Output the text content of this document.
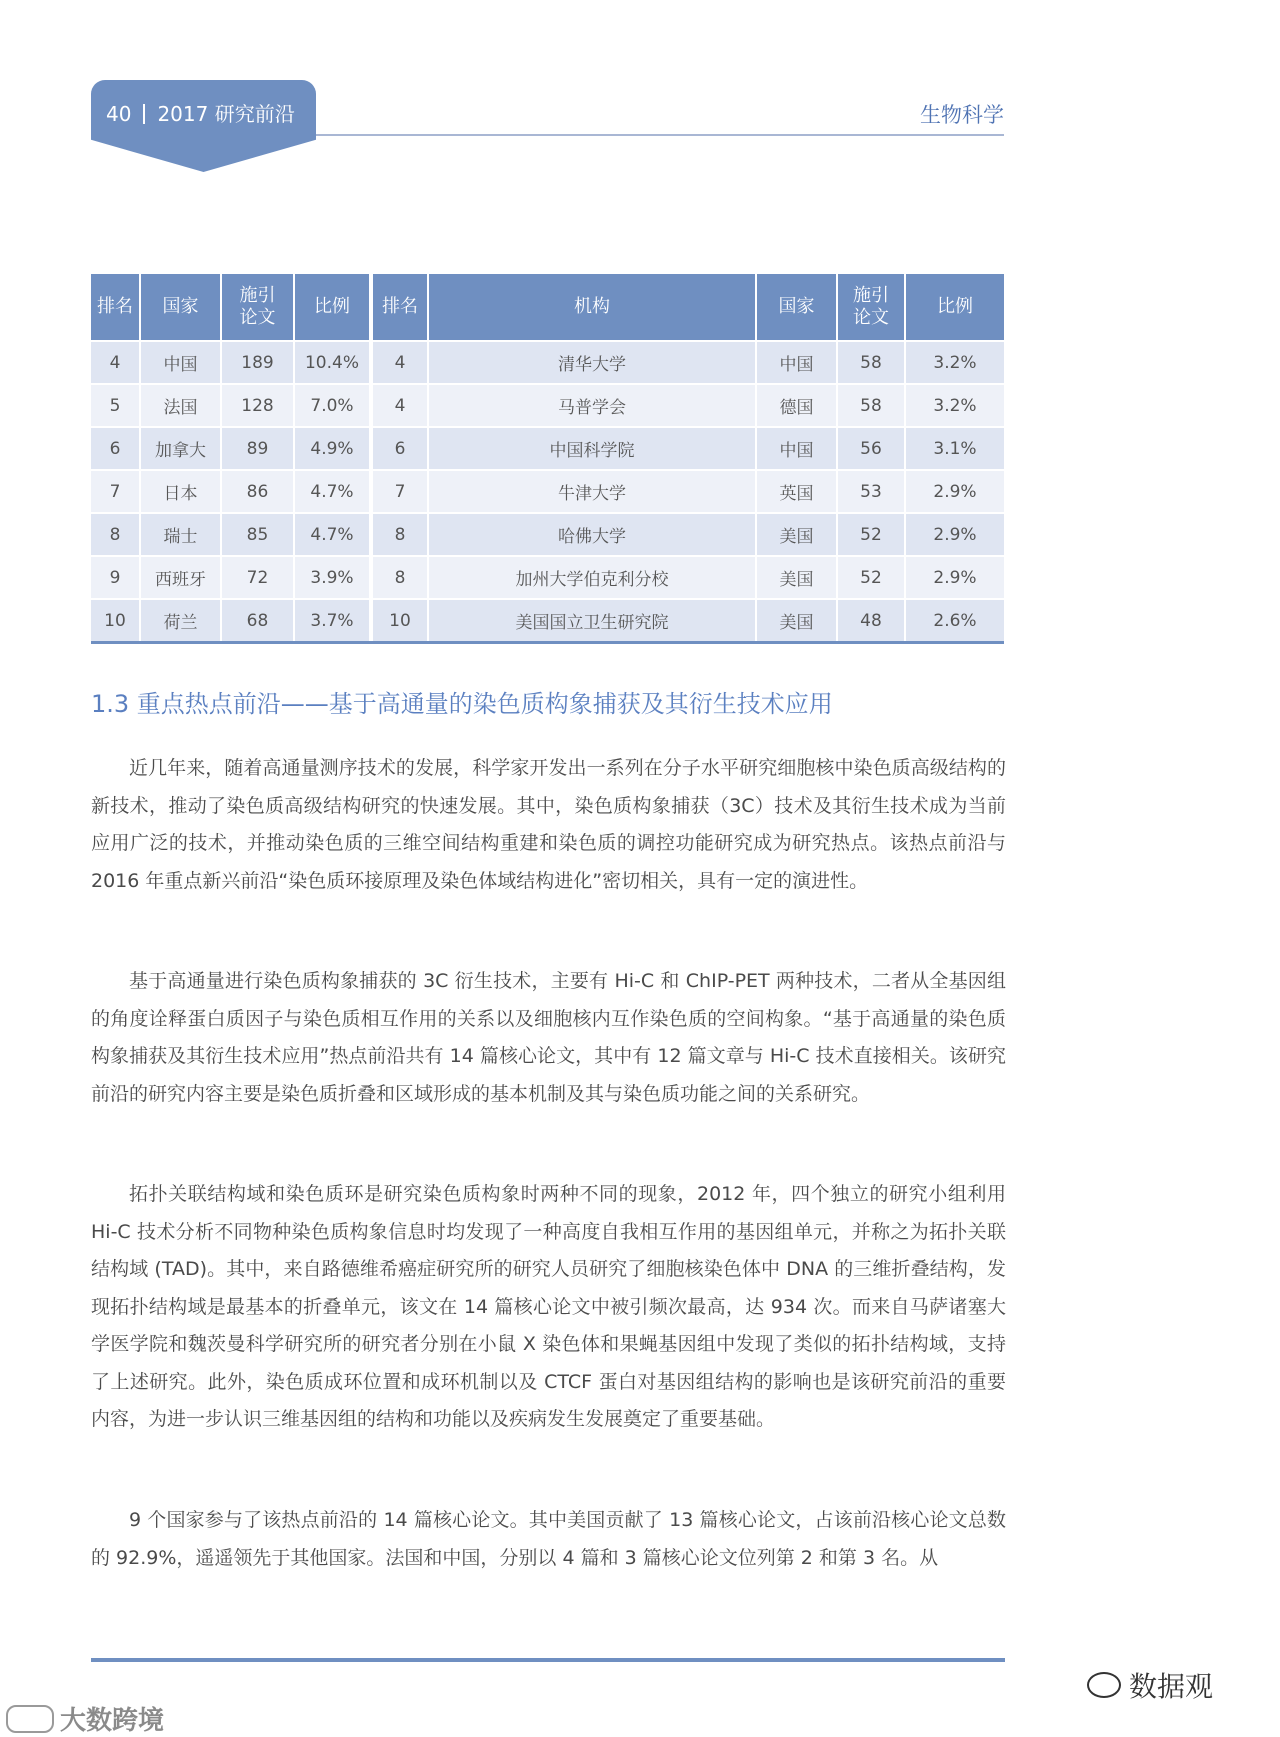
40 2017 研究前沿	生物科学
排名	国家	施引论文	比例	排名	机构	国家	施引论文	比例
4	中国	189	10.4%	4	清华大学	中国	58	3.2%
5	法国	128	7.0%	4	马普学会	德国	58	3.2%
6	加拿大	89	4.9%	6	中国科学院	中国	56	3.1%
7	日本	86	4.7%	7	牛津大学	英国	53	2.9%
8	瑞士	85	4.7%	8	哈佛大学	美国	52	2.9%
9	西班牙	72	3.9%	8	加州大学伯克利分校	美国	52	2.9%
10	荷兰	68	3.7%	10	美国国立卫生研究院	美国	48	2.6%
1.3 重点热点前沿——基于高通量的染色质构象捕获及其衍生技术应用

近几年来，随着高通量测序技术的发展，科学家开发出一系列在分子水平研究细胞核中染色质高级结构的新技术，推动了染色质高级结构研究的快速发展。其中，染色质构象捕获（3C）技术及其衍生技术成为当前应用广泛的技术，并推动染色质的三维空间结构重建和染色质的调控功能研究成为研究热点。该热点前沿与 2016 年重点新兴前沿“染色质环接原理及染色体域结构进化”密切相关，具有一定的演进性。

基于高通量进行染色质构象捕获的 3C 衍生技术，主要有 Hi-C 和 ChIP-PET 两种技术，二者从全基因组的角度诠释蛋白质因子与染色质相互作用的关系以及细胞核内互作染色质的空间构象。“基于高通量的染色质构象捕获及其衍生技术应用”热点前沿共有 14 篇核心论文，其中有 12 篇文章与 Hi-C 技术直接相关。该研究前沿的研究内容主要是染色质折叠和区域形成的基本机制及其与染色质功能之间的关系研究。

拓扑关联结构域和染色质环是研究染色质构象时两种不同的现象，2012 年，四个独立的研究小组利用 Hi-C 技术分析不同物种染色质构象信息时均发现了一种高度自我相互作用的基因组单元，并称之为拓扑关联结构域 (TAD)。其中，来自路德维希癌症研究所的研究人员研究了细胞核染色体中 DNA 的三维折叠结构，发现拓扑结构域是最基本的折叠单元，该文在 14 篇核心论文中被引频次最高，达 934 次。而来自马萨诸塞大学医学院和魏茨曼科学研究所的研究者分别在小鼠 X 染色体和果蝇基因组中发现了类似的拓扑结构域，支持了上述研究。此外，染色质成环位置和成环机制以及 CTCF 蛋白对基因组结构的影响也是该研究前沿的重要内容，为进一步认识三维基因组的结构和功能以及疾病发生发展奠定了重要基础。

9 个国家参与了该热点前沿的 14 篇核心论文。其中美国贡献了 13 篇核心论文，占该前沿核心论文总数的 92.9%，遥遥领先于其他国家。法国和中国，分别以 4 篇和 3 篇核心论文位列第 2 和第 3 名。从

数据观
大数跨境
